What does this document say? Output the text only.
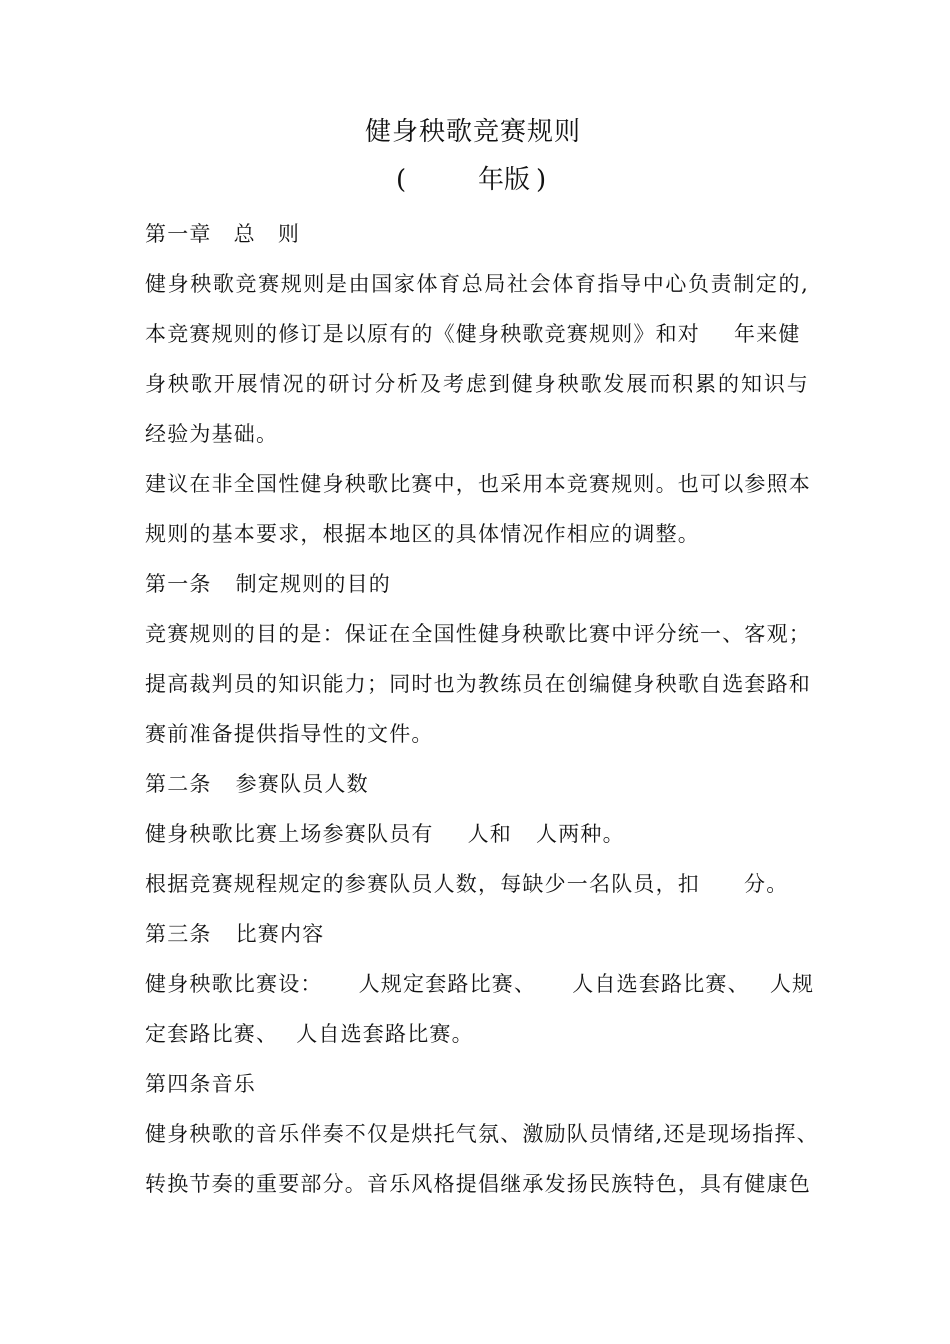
健身秧歌竞赛规则
(	年版 )
第一章 总 则
健身秧歌竞赛规则是由国家体育总局社会体育指导中心负责制定的,
本竞赛规则的修订是以原有的《健身秧歌竞赛规则》和对 年来健
身秧歌开展情况的研讨分析及考虑到健身秧歌发展而积累的知识与
经验为基础。
建议在非全国性健身秧歌比赛中，也采用本竞赛规则。也可以参照本
规则的基本要求，根据本地区的具体情况作相应的调整。
第一条 制定规则的目的
竞赛规则的目的是：保证在全国性健身秧歌比赛中评分统一、客观；
提高裁判员的知识能力；同时也为教练员在创编健身秧歌自选套路和
赛前准备提供指导性的文件。
第二条 参赛队员人数
健身秧歌比赛上场参赛队员有 人和 人两种。
根据竞赛规程规定的参赛队员人数，每缺少一名队员，扣 分。
第三条 比赛内容
健身秧歌比赛设： 人规定套路比赛、 人自选套路比赛、 人规
定套路比赛、 人自选套路比赛。
第四条音乐
健身秧歌的音乐伴奏不仅是烘托气氛、激励队员情绪,还是现场指挥、
转换节奏的重要部分。音乐风格提倡继承发扬民族特色，具有健康色
